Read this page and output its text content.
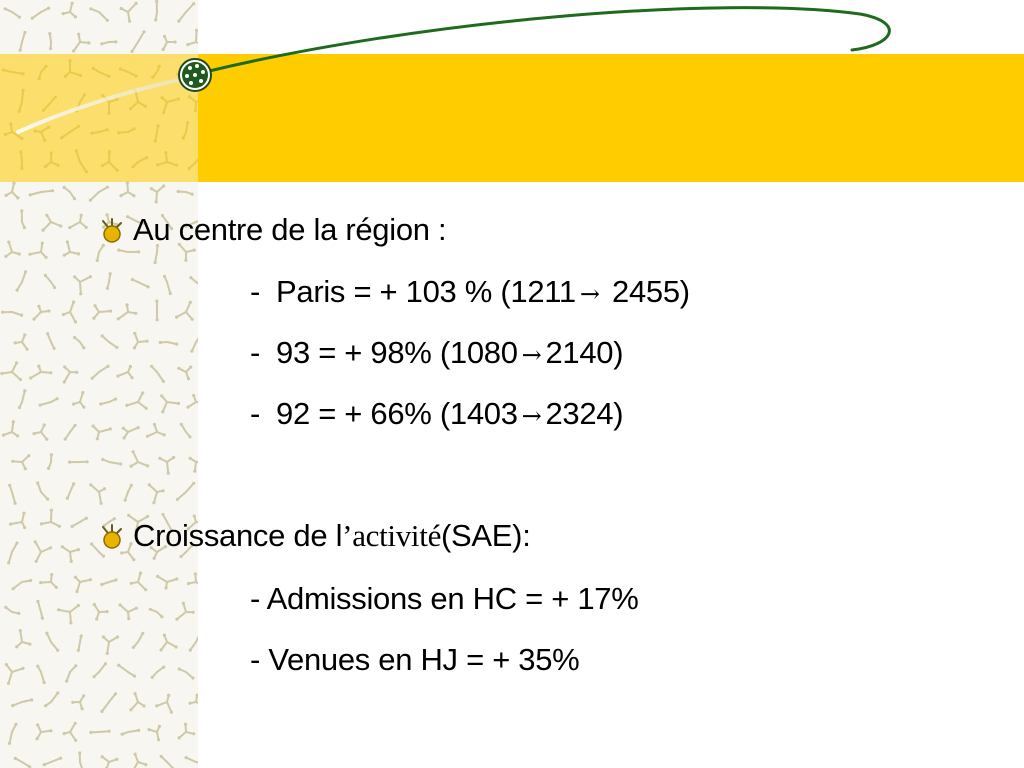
Au centre de la région :
- Paris = + 103 % (1211 → 2455)
- 93 = + 98% (1080 → 2140)
- 92 = + 66% (1403 → 2324)
Croissance de l’activité(SAE):
- Admissions en HC = + 17%
- Venues en HJ = + 35%
